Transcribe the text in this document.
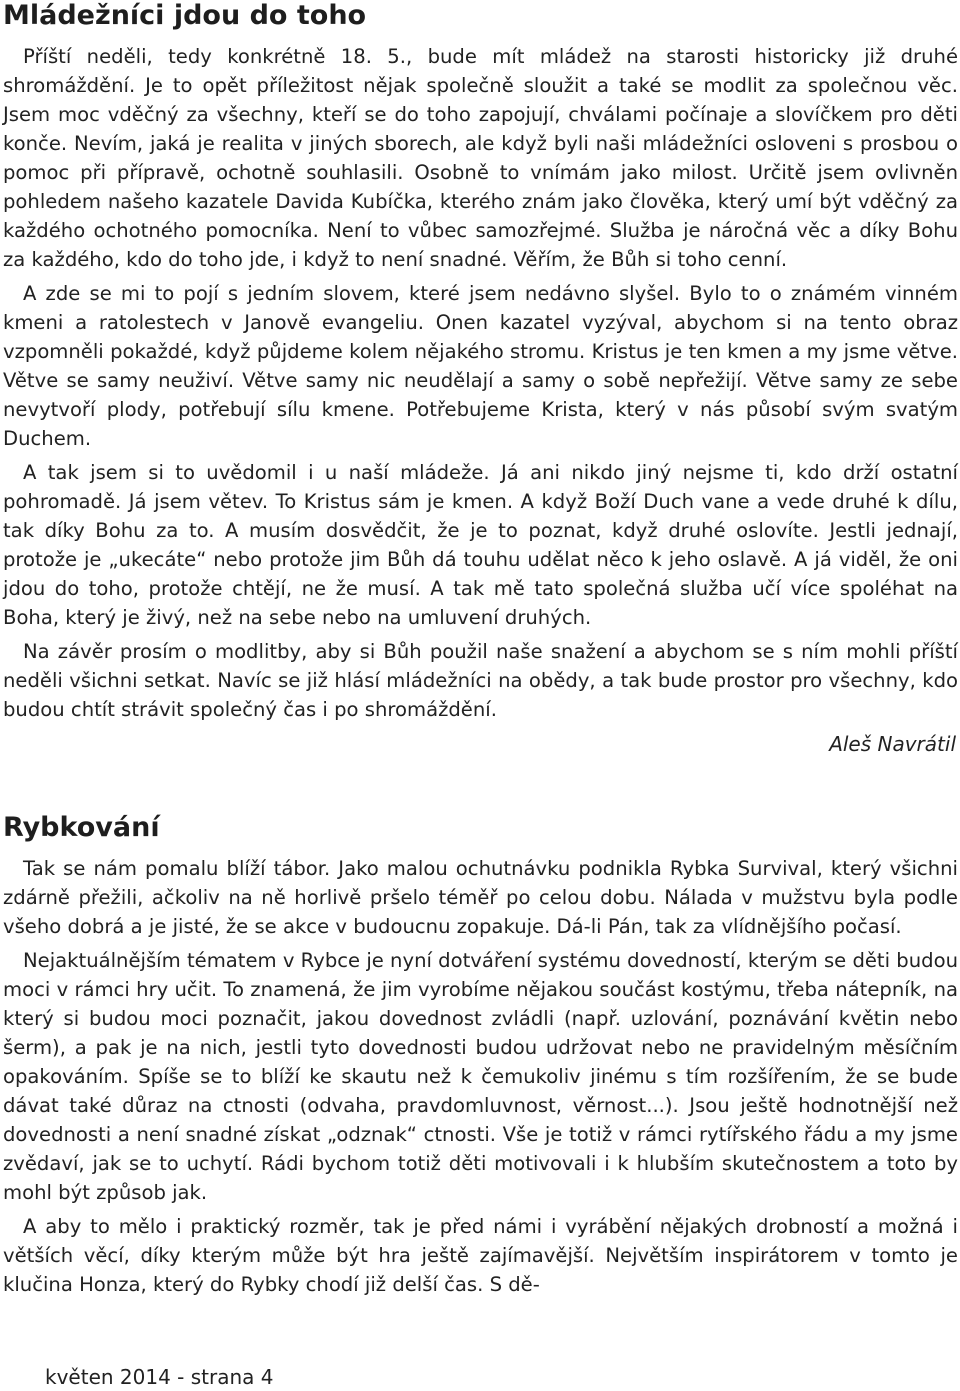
Mládežníci jdou do toho

Příští neděli, tedy konkrétně 18. 5., bude mít mládež na starosti historicky již druhé shromáždění. Je to opět příležitost nějak společně sloužit a také se modlit za společnou věc. Jsem moc vděčný za všechny, kteří se do toho zapojují, chválami počínaje a slovíčkem pro děti konče. Nevím, jaká je realita v jiných sborech, ale když byli naši mládežníci osloveni s prosbou o pomoc při přípravě, ochotně souhlasili. Osobně to vnímám jako milost. Určitě jsem ovlivněn pohledem našeho kazatele Davida Kubíčka, kterého znám jako člověka, který umí být vděčný za každého ochotného pomocníka. Není to vůbec samozřejmé. Služba je náročná věc a díky Bohu za každého, kdo do toho jde, i když to není snadné. Věřím, že Bůh si toho cenní.

A zde se mi to pojí s jedním slovem, které jsem nedávno slyšel. Bylo to o známém vinném kmeni a ratolestech v Janově evangeliu. Onen kazatel vyzýval, abychom si na tento obraz vzpomněli pokaždé, když půjdeme kolem nějakého stromu. Kristus je ten kmen a my jsme větve. Větve se samy neuživí. Větve samy nic neudělají a samy o sobě nepřežijí. Větve samy ze sebe nevytvoří plody, potřebují sílu kmene. Potřebujeme Krista, který v nás působí svým svatým Duchem.

A tak jsem si to uvědomil i u naší mládeže. Já ani nikdo jiný nejsme ti, kdo drží ostatní pohromadě. Já jsem větev. To Kristus sám je kmen. A když Boží Duch vane a vede druhé k dílu, tak díky Bohu za to. A musím dosvědčit, že je to poznat, když druhé oslovíte. Jestli jednají, protože je „ukecáte“ nebo protože jim Bůh dá touhu udělat něco k jeho oslavě. A já viděl, že oni jdou do toho, protože chtějí, ne že musí. A tak mě tato společná služba učí více spoléhat na Boha, který je živý, než na sebe nebo na umluvení druhých.

Na závěr prosím o modlitby, aby si Bůh použil naše snažení a abychom se s ním mohli příští neděli všichni setkat. Navíc se již hlásí mládežníci na obědy, a tak bude prostor pro všechny, kdo budou chtít strávit společný čas i po shromáždění.

Aleš Navrátil
Rybkování

Tak se nám pomalu blíží tábor. Jako malou ochutnávku podnikla Rybka Survival, který všichni zdárně přežili, ačkoliv na ně horlivě pršelo téměř po celou dobu. Nálada v mužstvu byla podle všeho dobrá a je jisté, že se akce v budoucnu zopakuje. Dá-li Pán, tak za vlídnějšího počasí.

Nejaktuálnějším tématem v Rybce je nyní dotváření systému dovedností, kterým se děti budou moci v rámci hry učit. To znamená, že jim vyrobíme nějakou součást kostýmu, třeba nátepník, na který si budou moci poznačit, jakou dovednost zvládli (např. uzlování, poznávání květin nebo šerm), a pak je na nich, jestli tyto dovednosti budou udržovat nebo ne pravidelným měsíčním opakováním. Spíše se to blíží ke skautu než k čemukoliv jinému s tím rozšířením, že se bude dávat také důraz na ctnosti (odvaha, pravdomluvnost, věrnost...). Jsou ještě hodnotnější než dovednosti a není snadné získat „odznak“ ctnosti. Vše je totiž v rámci rytířského řádu a my jsme zvědaví, jak se to uchytí. Rádi bychom totiž děti motivovali i k hlubším skutečnostem a toto by mohl být způsob jak.

A aby to mělo i praktický rozměr, tak je před námi i vyrábění nějakých drobností a možná i větších věcí, díky kterým může být hra ještě zajímavější. Největším inspirátorem v tomto je klučina Honza, který do Rybky chodí již delší čas. S dě-

květen 2014 - strana 4
